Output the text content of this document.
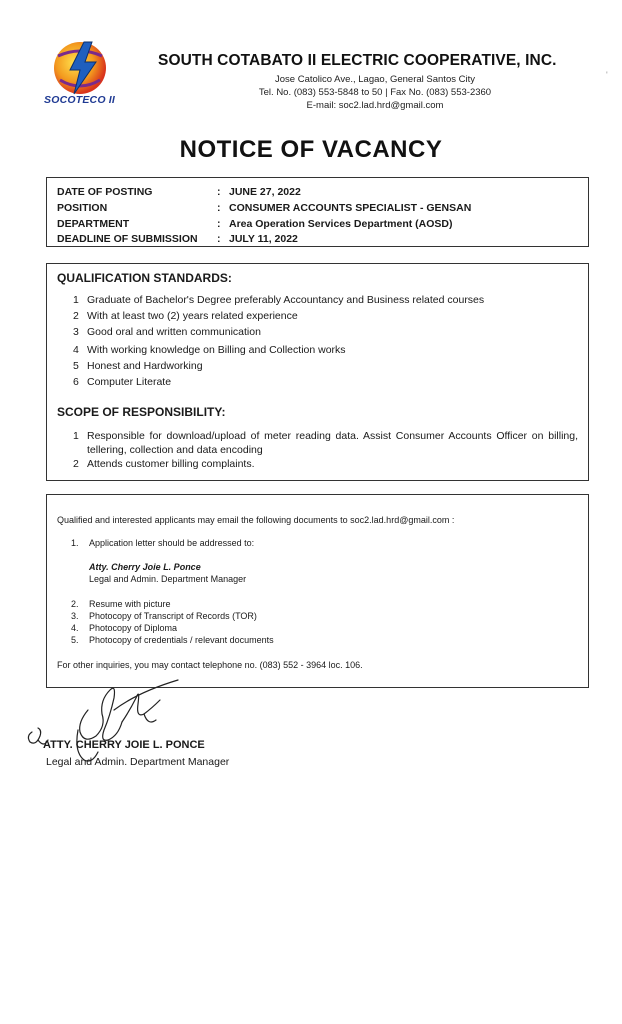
SOCOTECO II
SOUTH COTABATO II ELECTRIC COOPERATIVE, INC.
Jose Catolico Ave., Lagao, General Santos City
Tel. No. (083) 553-5848 to 50 | Fax No. (083) 553-2360
E-mail: soc2.lad.hrd@gmail.com
'
NOTICE OF VACANCY
DATE OF POSTING	: JUNE 27, 2022
POSITION	: CONSUMER ACCOUNTS SPECIALIST - GENSAN
DEPARTMENT	: Area Operation Services Department (AOSD)
DEADLINE OF SUBMISSION : JULY 11, 2022
QUALIFICATION STANDARDS:
1 Graduate of Bachelor's Degree preferably Accountancy and Business related courses
2 With at least two (2) years related experience
3 Good oral and written communication
4 With working knowledge on Billing and Collection works
5 Honest and Hardworking
6 Computer Literate
SCOPE OF RESPONSIBILITY:
1 Responsible for download/upload of meter reading data. Assist Consumer Accounts Officer on billing, tellering, collection and data encoding
2 Attends customer billing complaints.
Qualified and interested applicants may email the following documents to soc2.lad.hrd@gmail.com :
1. Application letter should be addressed to:
Atty. Cherry Joie L. Ponce
Legal and Admin. Department Manager
2. Resume with picture
3. Photocopy of Transcript of Records (TOR)
4. Photocopy of Diploma
5. Photocopy of credentials / relevant documents
For other inquiries, you may contact telephone no. (083) 552 - 3964 loc. 106.
ATTY. CHERRY JOIE L. PONCE
Legal and Admin. Department Manager
